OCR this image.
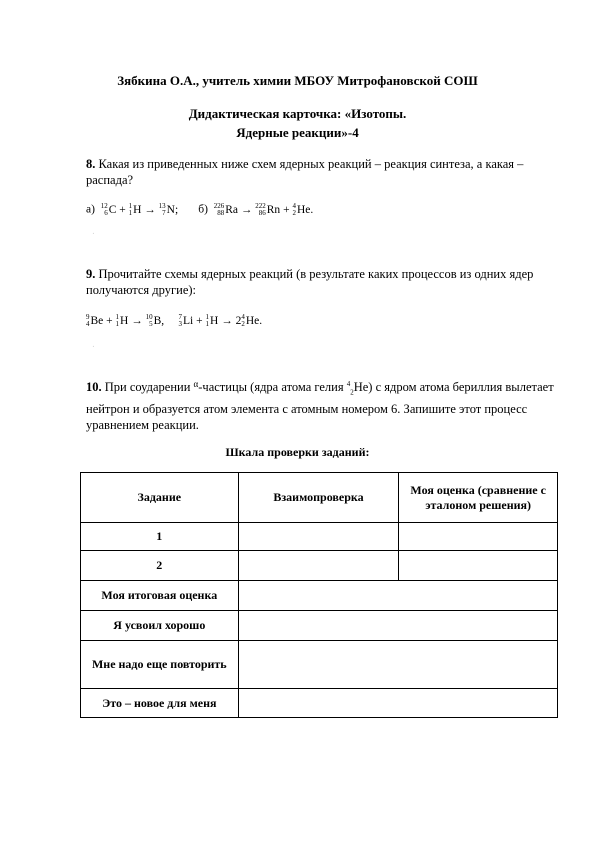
Зябкина О.А., учитель химии МБОУ Митрофановской СОШ
Дидактическая карточка: «Изотопы.
Ядерные реакции»-4
8. Какая из приведенных ниже схем ядерных реакций – реакция синтеза, а какая – распада?
а) 12
6 C + 1
1 H → 13
7 N; б) 226
88 Ra → 222
86 Rn + 4
2 He.
ˈ
9. Прочитайте схемы ядерных реакций (в результате каких процессов из одних ядер получаются другие):
9
4 Be + 1
1 H → 10
5 B, 7
3 Li + 1
1 H → 2 4
2 He.
ˈ
10. При соударении $^\alpha$-частицы (ядра атома гелия $^4_2$He) с ядром атома бериллия вылетает нейтрон и образуется атом элемента с атомным номером 6. Запишите этот процесс уравнением реакции.
Шкала проверки заданий:
Задание	Взаимопроверка	Моя оценка (сравнение с эталоном решения)
1		
2		
Моя итоговая оценка		
Я усвоил хорошо		
Мне надо еще повторить		
Это – новое для меня		
